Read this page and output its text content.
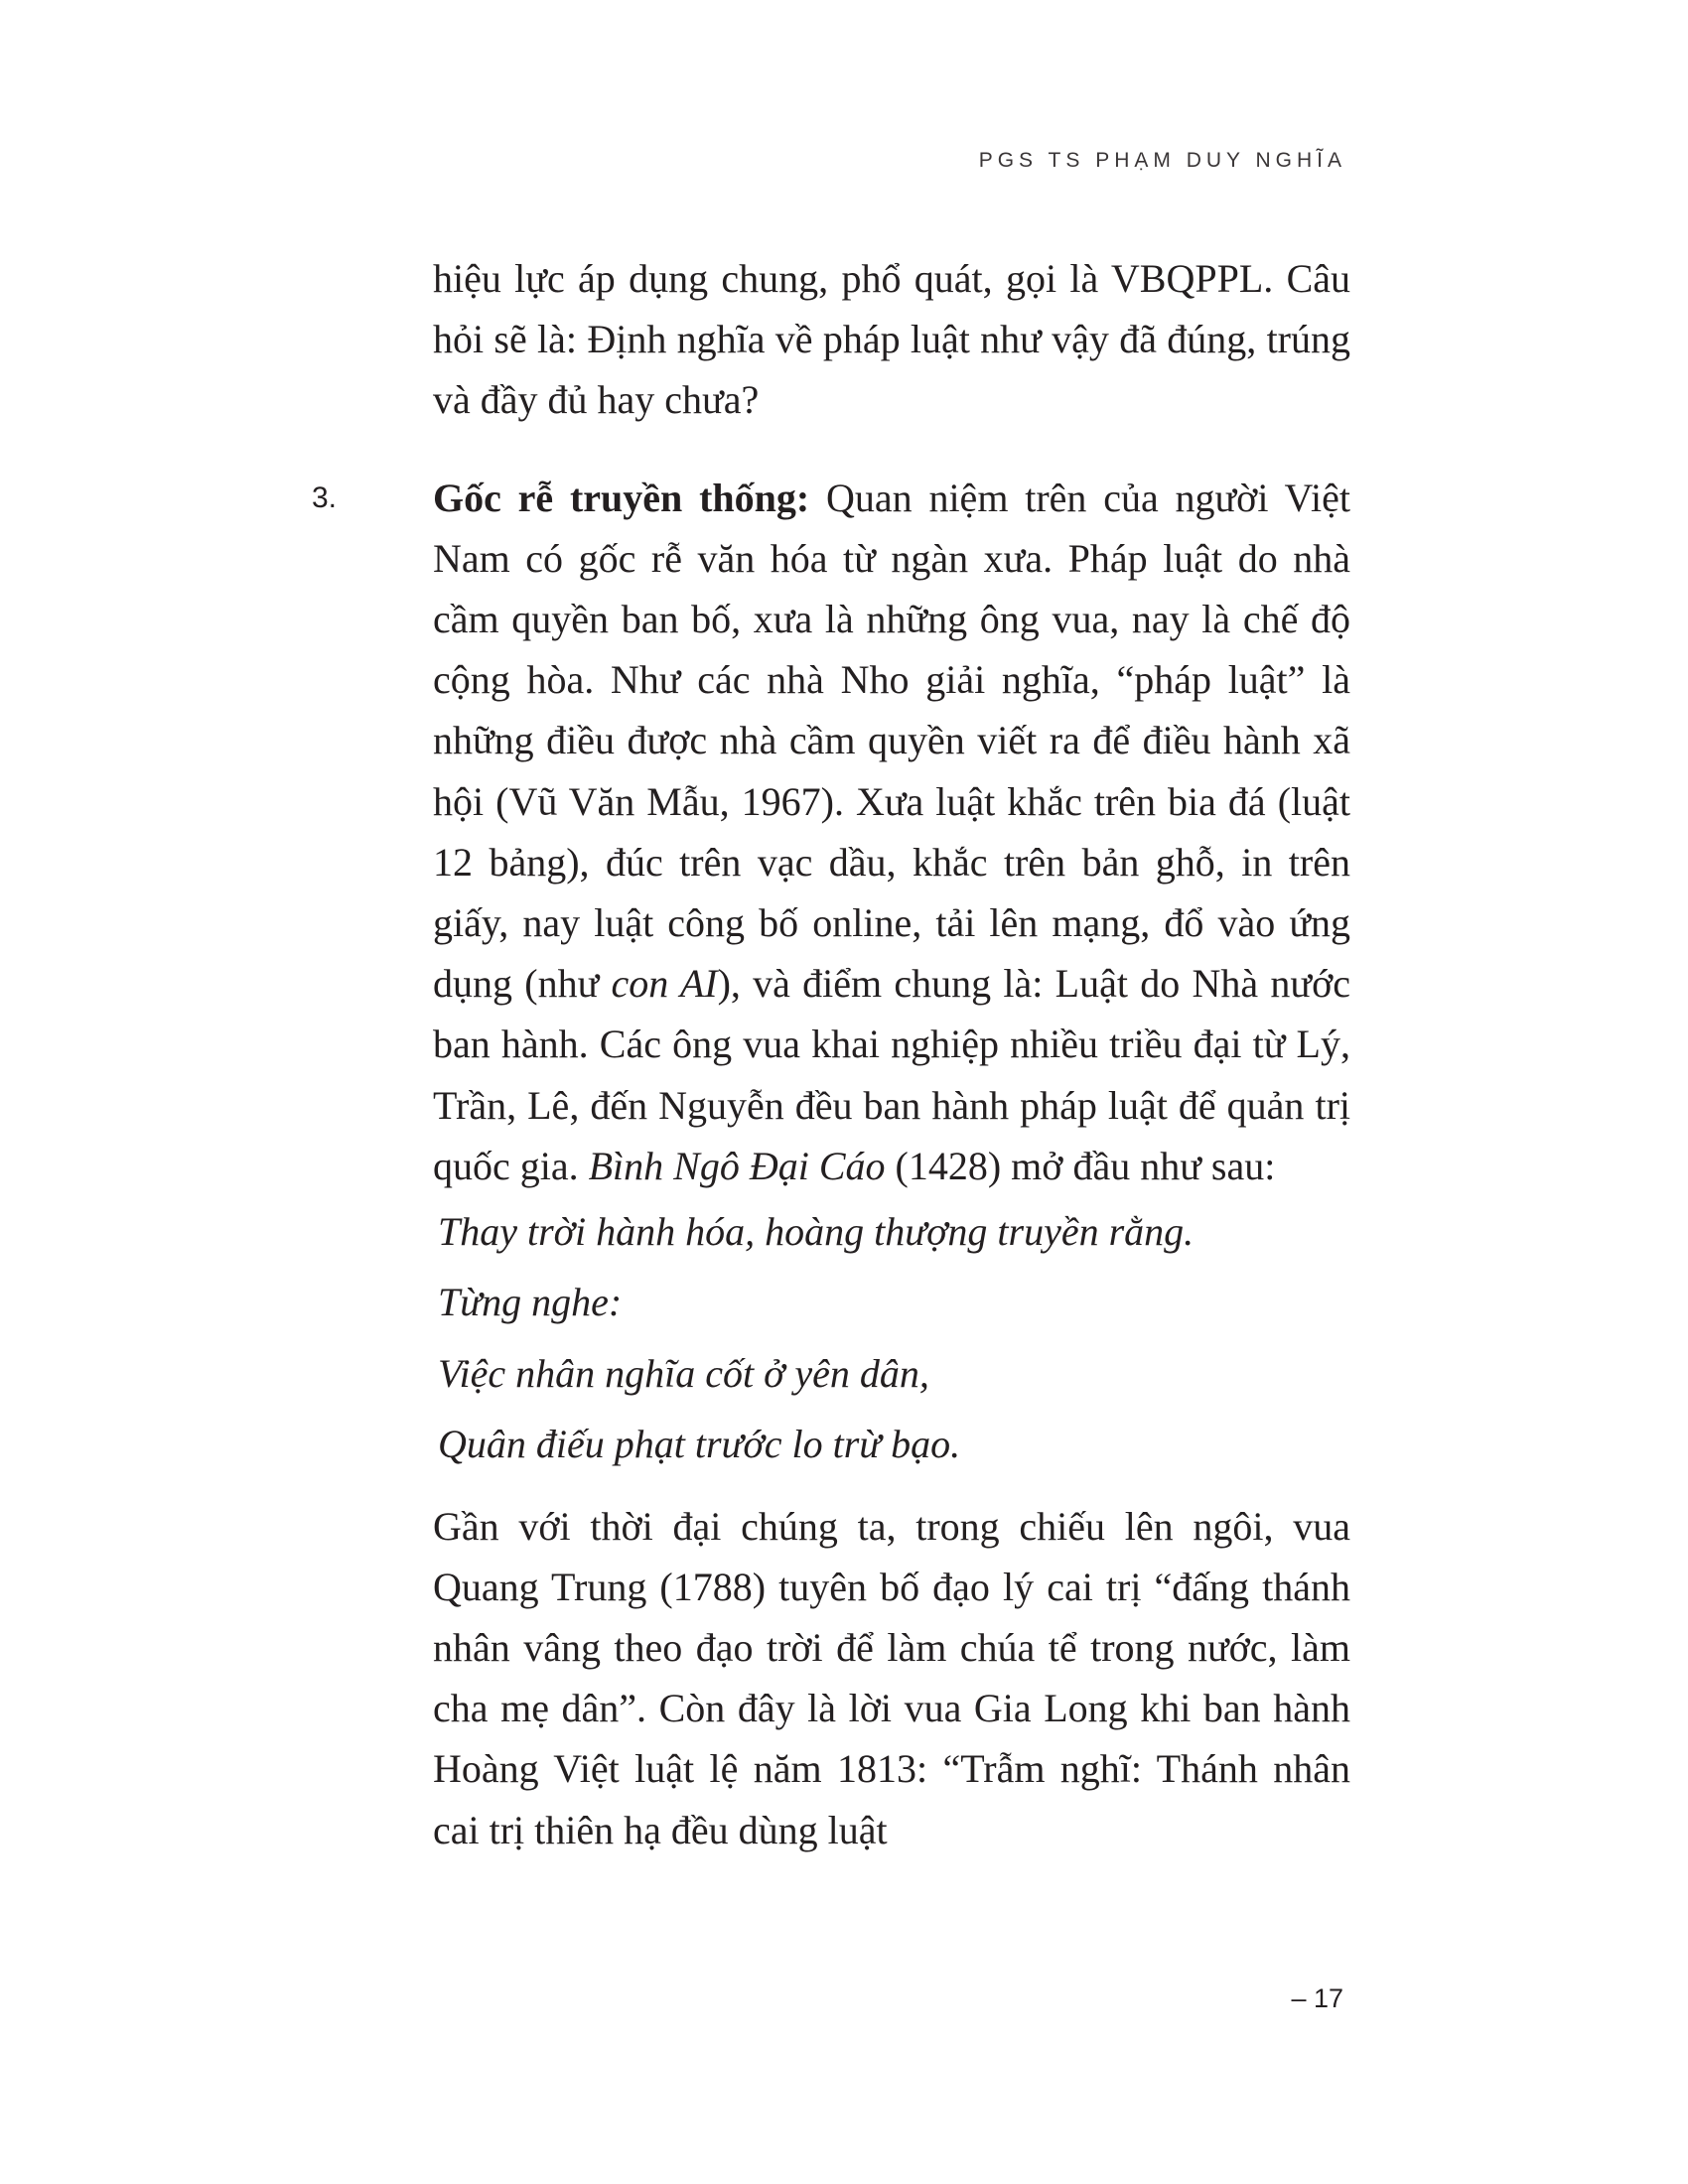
PGS TS PHẠM DUY NGHĨA

hiệu lực áp dụng chung, phổ quát, gọi là VBQPPL. Câu hỏi sẽ là: Định nghĩa về pháp luật như vậy đã đúng, trúng và đầy đủ hay chưa?

3. Gốc rễ truyền thống: Quan niệm trên của người Việt Nam có gốc rễ văn hóa từ ngàn xưa. Pháp luật do nhà cầm quyền ban bố, xưa là những ông vua, nay là chế độ cộng hòa. Như các nhà Nho giải nghĩa, “pháp luật” là những điều được nhà cầm quyền viết ra để điều hành xã hội (Vũ Văn Mẫu, 1967). Xưa luật khắc trên bia đá (luật 12 bảng), đúc trên vạc dầu, khắc trên bản ghỗ, in trên giấy, nay luật công bố online, tải lên mạng, đổ vào ứng dụng (như con AI), và điểm chung là: Luật do Nhà nước ban hành. Các ông vua khai nghiệp nhiều triều đại từ Lý, Trần, Lê, đến Nguyễn đều ban hành pháp luật để quản trị quốc gia. Bình Ngô Đại Cáo (1428) mở đầu như sau:

Thay trời hành hóa, hoàng thượng truyền rằng.

Từng nghe:

Việc nhân nghĩa cốt ở yên dân,

Quân điếu phạt trước lo trừ bạo.

Gần với thời đại chúng ta, trong chiếu lên ngôi, vua Quang Trung (1788) tuyên bố đạo lý cai trị “đấng thánh nhân vâng theo đạo trời để làm chúa tể trong nước, làm cha mẹ dân”. Còn đây là lời vua Gia Long khi ban hành Hoàng Việt luật lệ năm 1813: “Trẫm nghĩ: Thánh nhân cai trị thiên hạ đều dùng luật

– 17
